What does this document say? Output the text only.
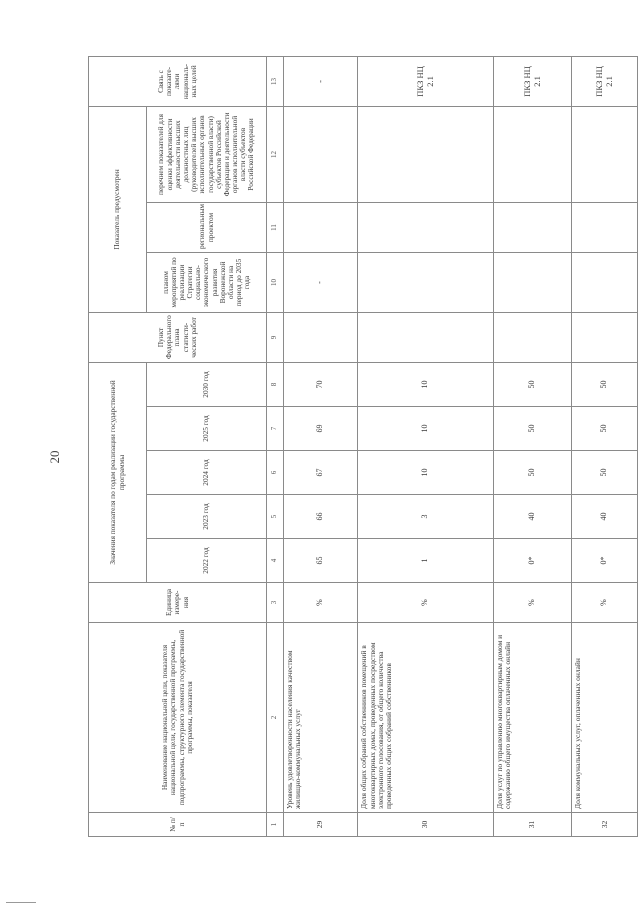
20
№ п/п	Наименование национальной цели, показателя национальной цели, государственной программы, подпрограммы, структурного элемента государственной программы, показателя	Единица измере-ния	Значения показателя по годам реализации государственной программы					Пункт Федерального плана статисти-ческих работ	Показатель предусмотрен			Связь с показате-лями националь-ных целей
			2022 год	2023 год	2024 год	2025 год	2030 год		планом мероприятий по реализации Стратегии социально-экономического развития Воронежской области на период до 2035 года	региональным проектом	перечнем показателей для оценки эффективности деятельности высших должностных лиц (руководителей высших исполнительных органов государственной власти) субъектов Российской Федерации и деятельности органов исполнительной власти субъектов Российской Федерации	
1	2	3	4	5	6	7	8	9	10	11	12	13
29	Уровень удовлетворенности населения качеством жилищно-коммунальных услуг	%	65	66	67	69	70		-			-
30	Доля общих собраний собственников помещений в многоквартирных домах, проведенных посредством электронного голосования, от общего количества проведенных общих собраний собственников	%	1	3	10	10	10					ПКЗ НЦ 2.1
31	Доля услуг по управлению многоквартирным домом и содержанию общего имущества оплаченных онлайн	%	0*	40	50	50	50					ПКЗ НЦ 2.1
32	Доля коммунальных услуг, оплаченных онлайн	%	0*	40	50	50	50					ПКЗ НЦ 2.1
